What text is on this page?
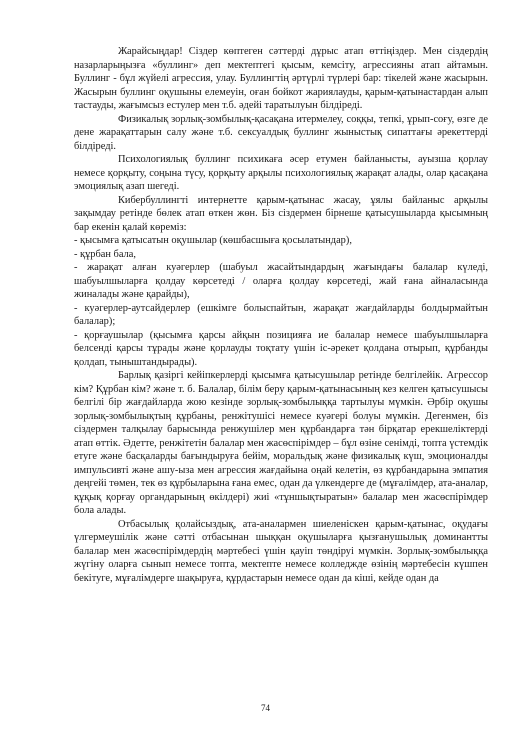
Жарайсыңдар! Сіздер көптеген сәттерді дұрыс атап өттіңіздер. Мен сіздердің назарларыңызға «буллинг» деп мектептегі қысым, кемсіту, агрессияны атап айтамын. Буллинг - бұл жүйелі агрессия, улау. Буллингтің әртүрлі түрлері бар: тікелей және жасырын. Жасырын буллинг оқушыны елемеуін, оған бойкот жариялауды, қарым-қатынастардан алып тастауды, жағымсыз естулер мен т.б. әдейі таратылуын білдіреді.

Физикалық зорлық-зомбылық-қасақана итермелеу, соққы, тепкі, ұрып-соғу, өзге де дене жарақаттарын салу және т.б. сексуалдық буллинг жыныстық сипаттағы әрекеттерді білдіреді.

Психологиялық буллинг психикаға әсер етумен байланысты, ауызша қорлау немесе қорқыту, соңына түсу, қорқыту арқылы психологиялық жарақат алады, олар қасақана эмоциялық азап шегеді.

Кибербуллингті интернетте қарым-қатынас жасау, ұялы байланыс арқылы зақымдау ретінде бөлек атап өткен жөн. Біз сіздермен бірнеше қатысушыларда қысымның бар екенін қалай көреміз:

- қысымға қатысатын оқушылар (көшбасшыға қосылатындар),

- құрбан бала,

- жарақат алған куәгерлер (шабуыл жасайтындардың жағындағы балалар күледі, шабуылшыларға қолдау көрсетеді / оларға қолдау көрсетеді, жай ғана айналасында жиналады және қарайды),

- куәгерлер-аутсайдерлер (ешкімге болыспайтын, жарақат жағдайларды болдырмайтын балалар);

- қорғаушылар (қысымға қарсы айқын позицияға ие балалар немесе шабуылшыларға белсенді қарсы тұрады және қорлауды тоқтату үшін іс-әрекет қолдана отырып, құрбанды қолдап, тыныштандырады).

Барлық қазіргі кейіпкерлерді қысымға қатысушылар ретінде белгілейік. Агрессор кім? Құрбан кім? және т. б. Балалар, білім беру қарым-қатынасының кез келген қатысушысы белгілі бір жағдайларда жою кезінде зорлық-зомбылыққа тартылуы мүмкін. Әрбір оқушы зорлық-зомбылықтың құрбаны, ренжітушісі немесе куәгері болуы мүмкін. Дегенмен, біз сіздермен талқылау барысында ренжушілер мен құрбандарға тән бірқатар ерекшеліктерді атап өттік. Әдетте, ренжітетін балалар мен жасөспірімдер – бұл өзіне сенімді, топта үстемдік етуге және басқаларды бағындыруға бейім, моральдық және физикалық күш, эмоционалды импульсивті және ашу-ыза мен агрессия жағдайына оңай келетін, өз құрбандарына эмпатия деңгейі төмен, тек өз құрбыларына ғана емес, одан да үлкендерге де (мұғалімдер, ата-аналар, құқық қорғау органдарының өкілдері) жиі «тұншықтыратын» балалар мен жасөспірімдер бола алады.

Отбасылық қолайсыздық, ата-аналармен шиеленіскен қарым-қатынас, оқудағы үлгермеушілік және сәтті отбасынан шыққан оқушыларға қызғанушылық доминантты балалар мен жасөспірімдердің мәртебесі үшін қауіп төндіруі мүмкін. Зорлық-зомбылыққа жүгіну оларға сынып немесе топта, мектепте немесе колледжде өзінің мәртебесін күшпен бекітуге, мұғалімдерге шақыруға, құрдастарын немесе одан да кіші, кейде одан да

74
